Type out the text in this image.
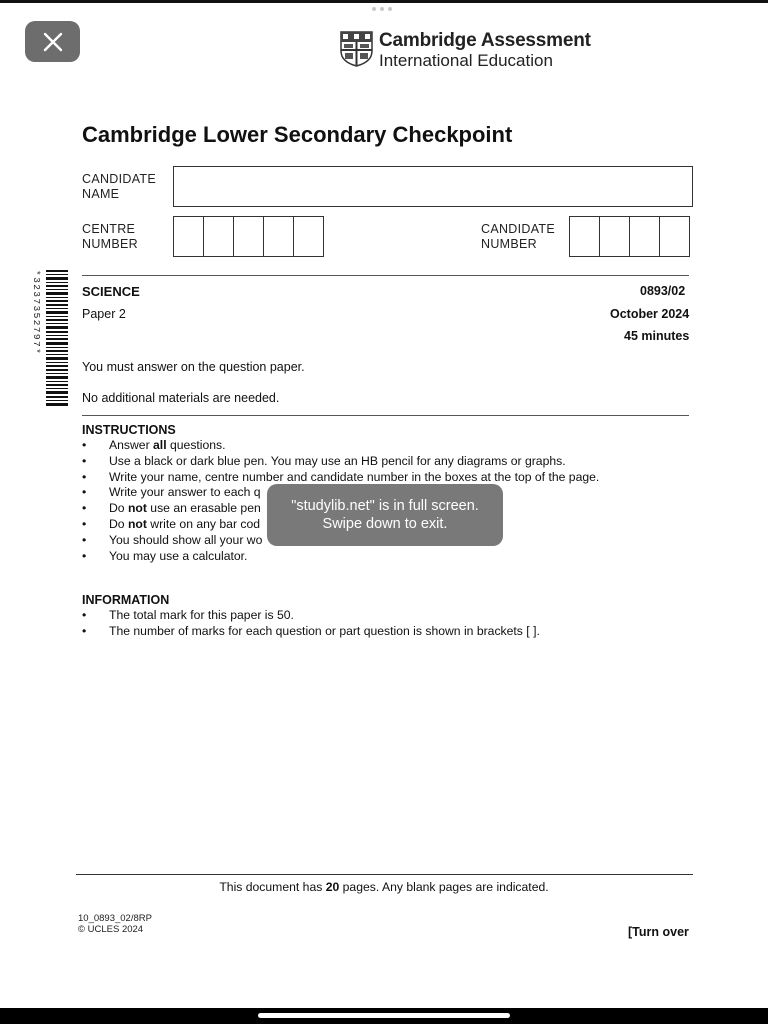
Cambridge Assessment
International Education
Cambridge Lower Secondary Checkpoint
CANDIDATE
NAME
CENTRE
NUMBER
CANDIDATE
NUMBER
*3237352797*	SCIENCE	0893/02
Paper 2	October 2024
45 minutes
You must answer on the question paper.
No additional materials are needed.
INSTRUCTIONS
•	Answer all questions.
•	Use a black or dark blue pen. You may use an HB pencil for any diagrams or graphs.
•	Write your name, centre number and candidate number in the boxes at the top of the page.
•	Write your answer to each q
•	Do not use an erasable pen
•	Do not write on any bar cod
•	You should show all your wo
•	You may use a calculator.
INFORMATION
•	The total mark for this paper is 50.
•	The number of marks for each question or part question is shown in brackets [ ].
"studylib.net" is in full screen.
Swipe down to exit.
This document has 20 pages. Any blank pages are indicated.
10_0893_02/8RP
© UCLES 2024	[Turn over
